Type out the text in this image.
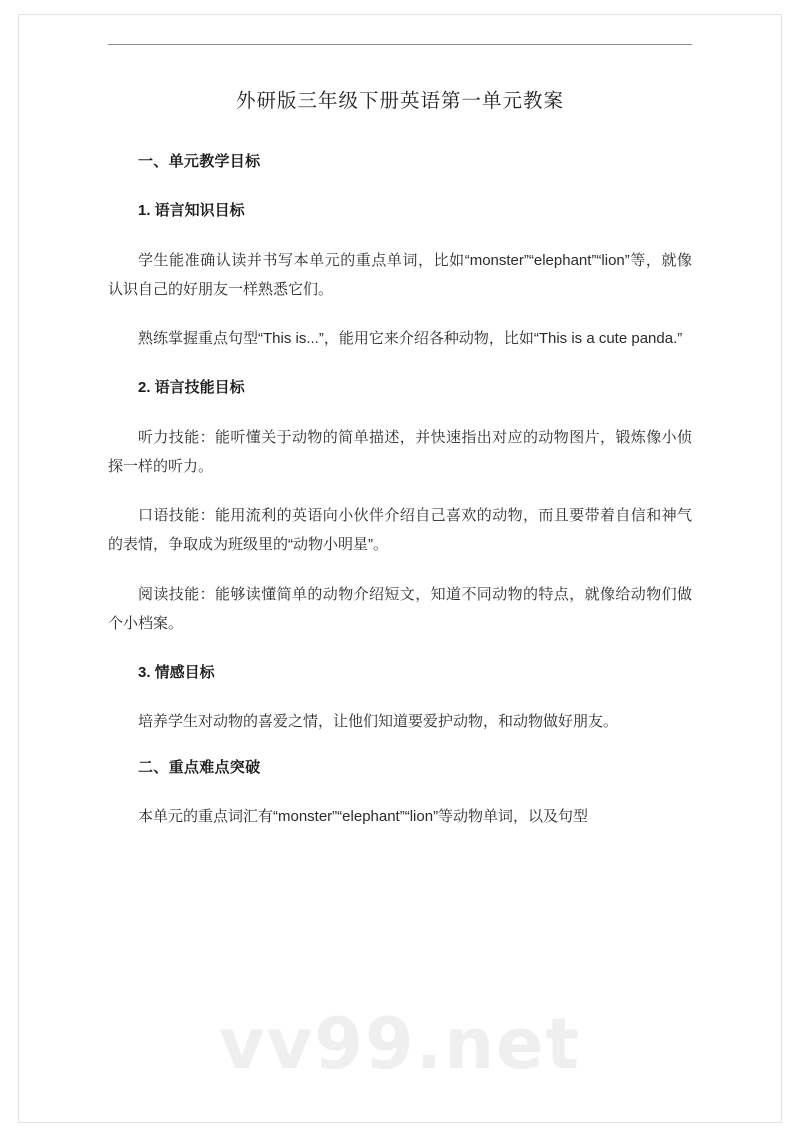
外研版三年级下册英语第一单元教案

一、单元教学目标

1. 语言知识目标

学生能准确认读并书写本单元的重点单词，比如“monster”“elephant”“lion”等，就像认识自己的好朋友一样熟悉它们。

熟练掌握重点句型“This is...”，能用它来介绍各种动物，比如“This is a cute panda.”

2. 语言技能目标

听力技能：能听懂关于动物的简单描述，并快速指出对应的动物图片，锻炼像小侦探一样的听力。

口语技能：能用流利的英语向小伙伴介绍自己喜欢的动物，而且要带着自信和神气的表情，争取成为班级里的“动物小明星”。

阅读技能：能够读懂简单的动物介绍短文，知道不同动物的特点，就像给动物们做个小档案。

3. 情感目标

培养学生对动物的喜爱之情，让他们知道要爱护动物，和动物做好朋友。

二、重点难点突破

本单元的重点词汇有“monster”“elephant”“lion”等动物单词，以及句型

vv99.net
